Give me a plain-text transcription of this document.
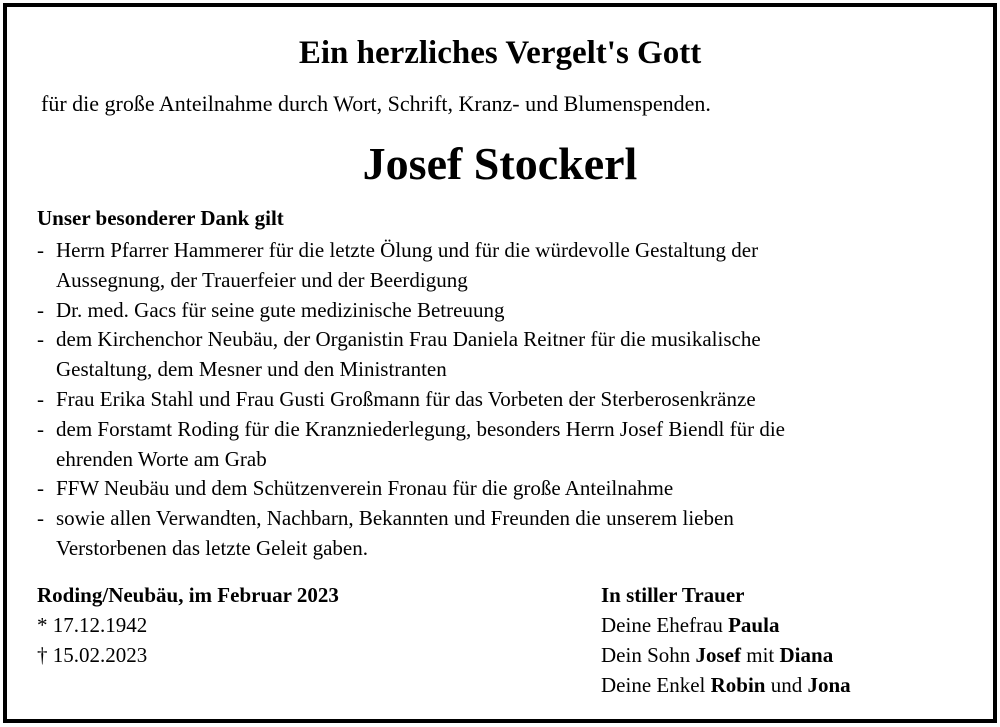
Ein herzliches Vergelt's Gott
für die große Anteilnahme durch Wort, Schrift, Kranz- und Blumenspenden.
Josef Stockerl
Unser besonderer Dank gilt
- Herrn Pfarrer Hammerer für die letzte Ölung und für die würdevolle Gestaltung der
Aussegnung, der Trauerfeier und der Beerdigung
- Dr. med. Gacs für seine gute medizinische Betreuung
- dem Kirchenchor Neubäu, der Organistin Frau Daniela Reitner für die musikalische
Gestaltung, dem Mesner und den Ministranten
- Frau Erika Stahl und Frau Gusti Großmann für das Vorbeten der Sterberosenkränze
- dem Forstamt Roding für die Kranzniederlegung, besonders Herrn Josef Biendl für die
ehrenden Worte am Grab
- FFW Neubäu und dem Schützenverein Fronau für die große Anteilnahme
- sowie allen Verwandten, Nachbarn, Bekannten und Freunden die unserem lieben
Verstorbenen das letzte Geleit gaben.
Roding/Neubäu, im Februar 2023
* 17.12.1942
† 15.02.2023
In stiller Trauer
Deine Ehefrau Paula
Dein Sohn Josef mit Diana
Deine Enkel Robin und Jona
